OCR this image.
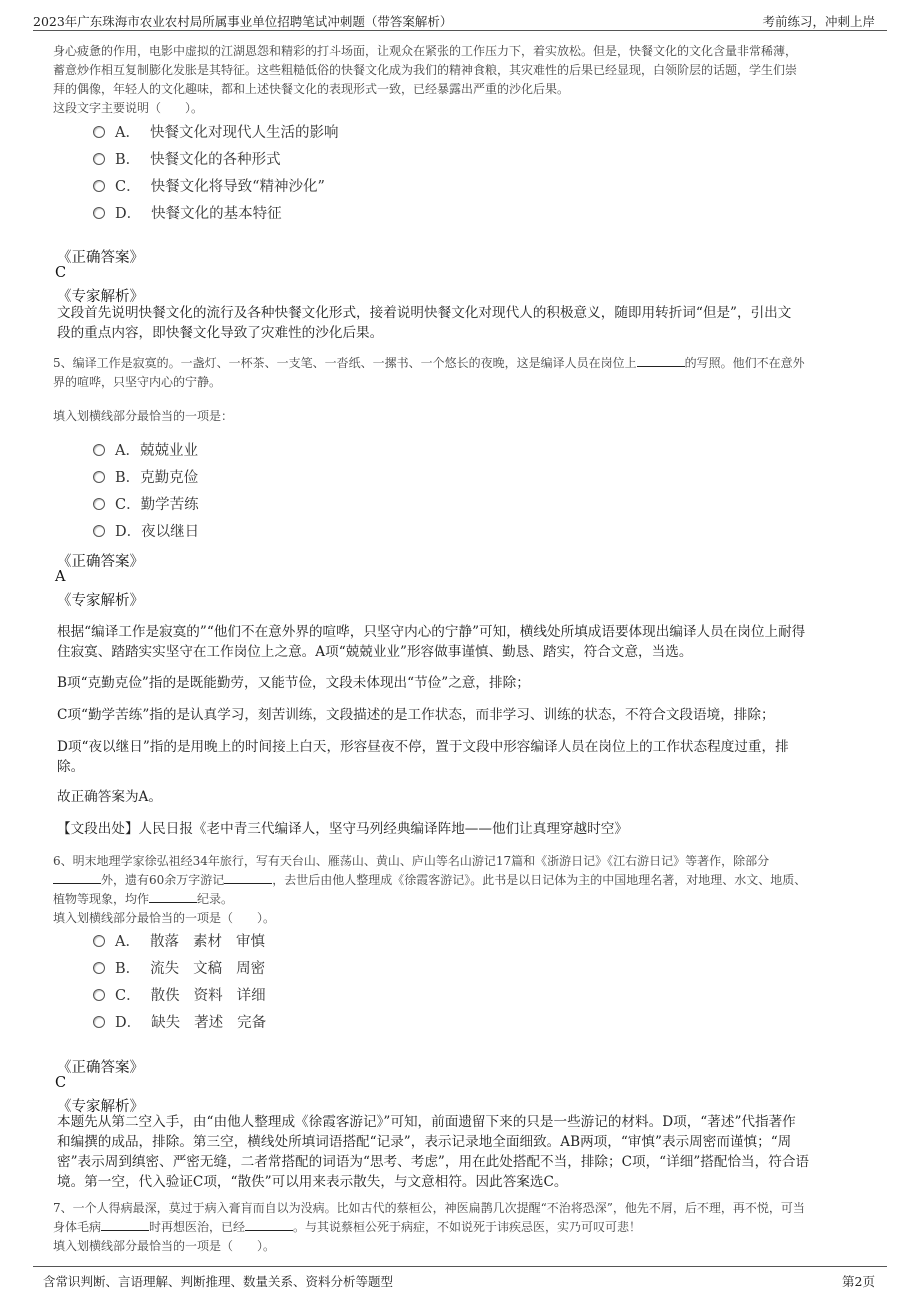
2023年广东珠海市农业农村局所属事业单位招聘笔试冲刺题（带答案解析）	考前练习，冲刺上岸
身心疲惫的作用，电影中虚拟的江湖恩怨和精彩的打斗场面，让观众在紧张的工作压力下，着实放松。但是，快餐文化的文化含量非常稀薄，
蓄意炒作相互复制膨化发胀是其特征。这些粗糙低俗的快餐文化成为我们的精神食粮，其灾难性的后果已经显现，白领阶层的话题，学生们崇
拜的偶像，年轻人的文化趣味，都和上述快餐文化的表现形式一致，已经暴露出严重的沙化后果。
这段文字主要说明（　　）。
A． 快餐文化对现代人生活的影响
B． 快餐文化的各种形式
C． 快餐文化将导致“精神沙化”
D． 快餐文化的基本特征
《正确答案》
C
《专家解析》
文段首先说明快餐文化的流行及各种快餐文化形式，接着说明快餐文化对现代人的积极意义，随即用转折词“但是”，引出文
段的重点内容，即快餐文化导致了灾难性的沙化后果。
5、编译工作是寂寞的。一盏灯、一杯茶、一支笔、一沓纸、一摞书、一个悠长的夜晚，这是编译人员在岗位上	的写照。他们不在意外
界的喧哗，只坚守内心的宁静。
填入划横线部分最恰当的一项是：
A．兢兢业业
B．克勤克俭
C．勤学苦练
D．夜以继日
《正确答案》
A
《专家解析》
根据“编译工作是寂寞的”“他们不在意外界的喧哗，只坚守内心的宁静”可知，横线处所填成语要体现出编译人员在岗位上耐得
住寂寞、踏踏实实坚守在工作岗位上之意。A项“兢兢业业”形容做事谨慎、勤恳、踏实，符合文意，当选。
B项“克勤克俭”指的是既能勤劳，又能节俭，文段未体现出“节俭”之意，排除；
C项“勤学苦练”指的是认真学习，刻苦训练，文段描述的是工作状态，而非学习、训练的状态，不符合文段语境，排除；
D项“夜以继日”指的是用晚上的时间接上白天，形容昼夜不停，置于文段中形容编译人员在岗位上的工作状态程度过重，排
除。
故正确答案为A。
【文段出处】人民日报《老中青三代编译人，坚守马列经典编译阵地——他们让真理穿越时空》
6、明末地理学家徐弘祖经34年旅行，写有天台山、雁荡山、黄山、庐山等名山游记17篇和《浙游日记》《江右游日记》等著作，除部分
外，遗有60余万字游记	，去世后由他人整理成《徐霞客游记》。此书是以日记体为主的中国地理名著，对地理、水文、地质、
植物等现象，均作	纪录。
填入划横线部分最恰当的一项是（　　）。
A． 散落 素材 审慎
B． 流失 文稿 周密
C． 散佚 资料 详细
D． 缺失 著述 完备
《正确答案》
C
《专家解析》
本题先从第二空入手，由“由他人整理成《徐霞客游记》”可知，前面遗留下来的只是一些游记的材料。D项，“著述”代指著作
和编撰的成品，排除。第三空，横线处所填词语搭配“记录”，表示记录地全面细致。AB两项，“审慎”表示周密而谨慎；“周
密”表示周到缜密、严密无缝，二者常搭配的词语为“思考、考虑”，用在此处搭配不当，排除；C项，“详细”搭配恰当，符合语
境。第一空，代入验证C项，“散佚”可以用来表示散失，与文意相符。因此答案选C。
7、一个人得病最深，莫过于病入膏肓而自以为没病。比如古代的蔡桓公，神医扁鹊几次提醒“不治将恐深”，他先不屑，后不理，再不悦，可当
身体毛病	时再想医治，已经	。与其说蔡桓公死于病症，不如说死于讳疾忌医，实乃可叹可悲！
填入划横线部分最恰当的一项是（　　）。
含常识判断、言语理解、判断推理、数量关系、资料分析等题型	第2页
